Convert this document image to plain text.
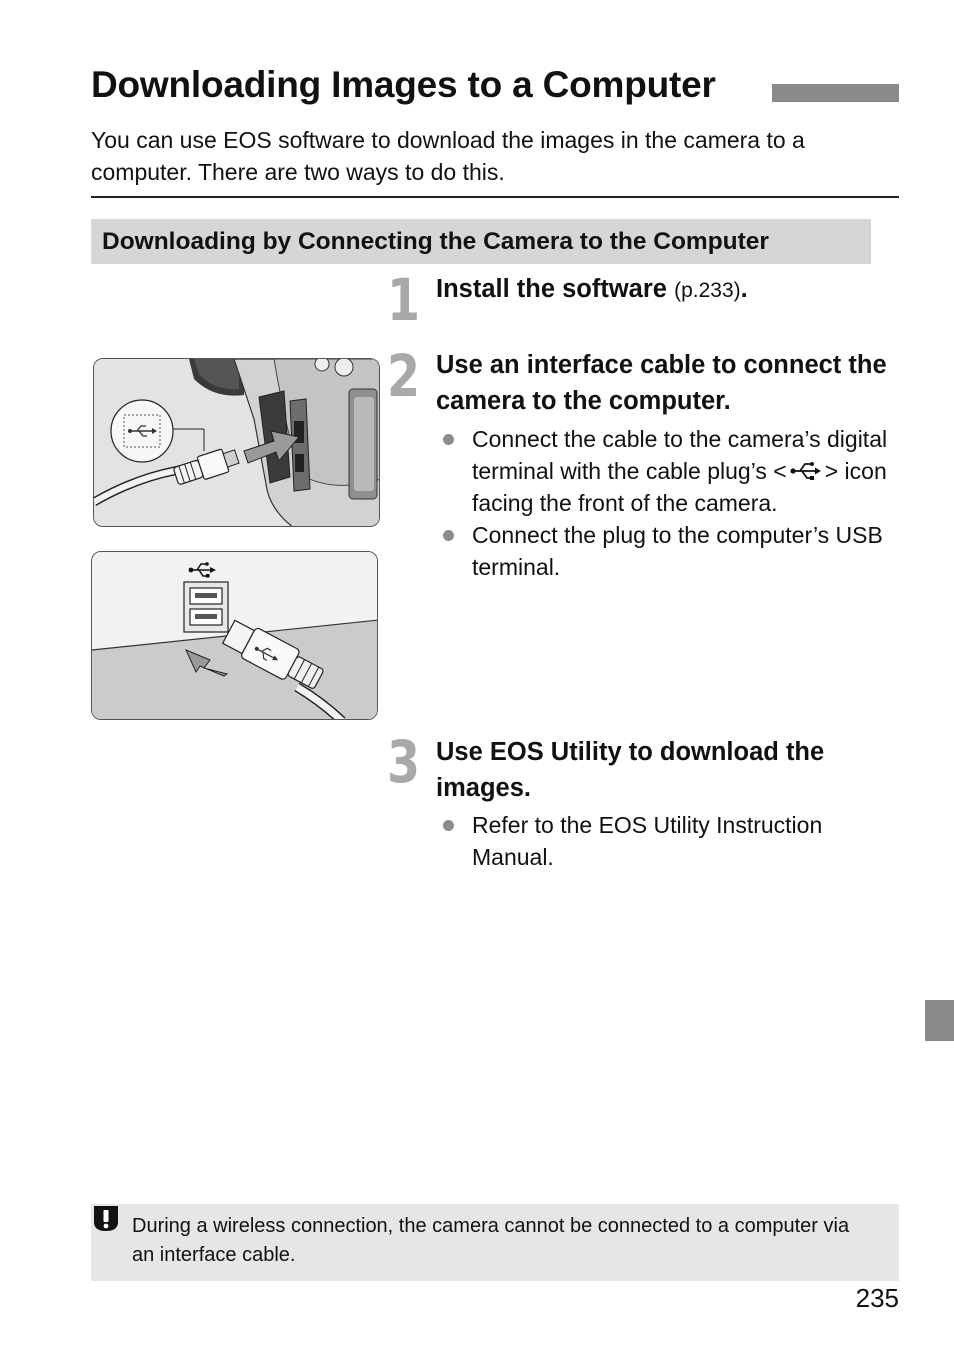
Downloading Images to a Computer
You can use EOS software to download the images in the camera to a computer. There are two ways to do this.
Downloading by Connecting the Camera to the Computer
1 Install the software (p.233).
2 Use an interface cable to connect the camera to the computer.
Connect the cable to the camera’s digital terminal with the cable plug’s < > icon facing the front of the camera.
Connect the plug to the computer’s USB terminal.
3 Use EOS Utility to download the images.
Refer to the EOS Utility Instruction Manual.
During a wireless connection, the camera cannot be connected to a computer via an interface cable.
235
